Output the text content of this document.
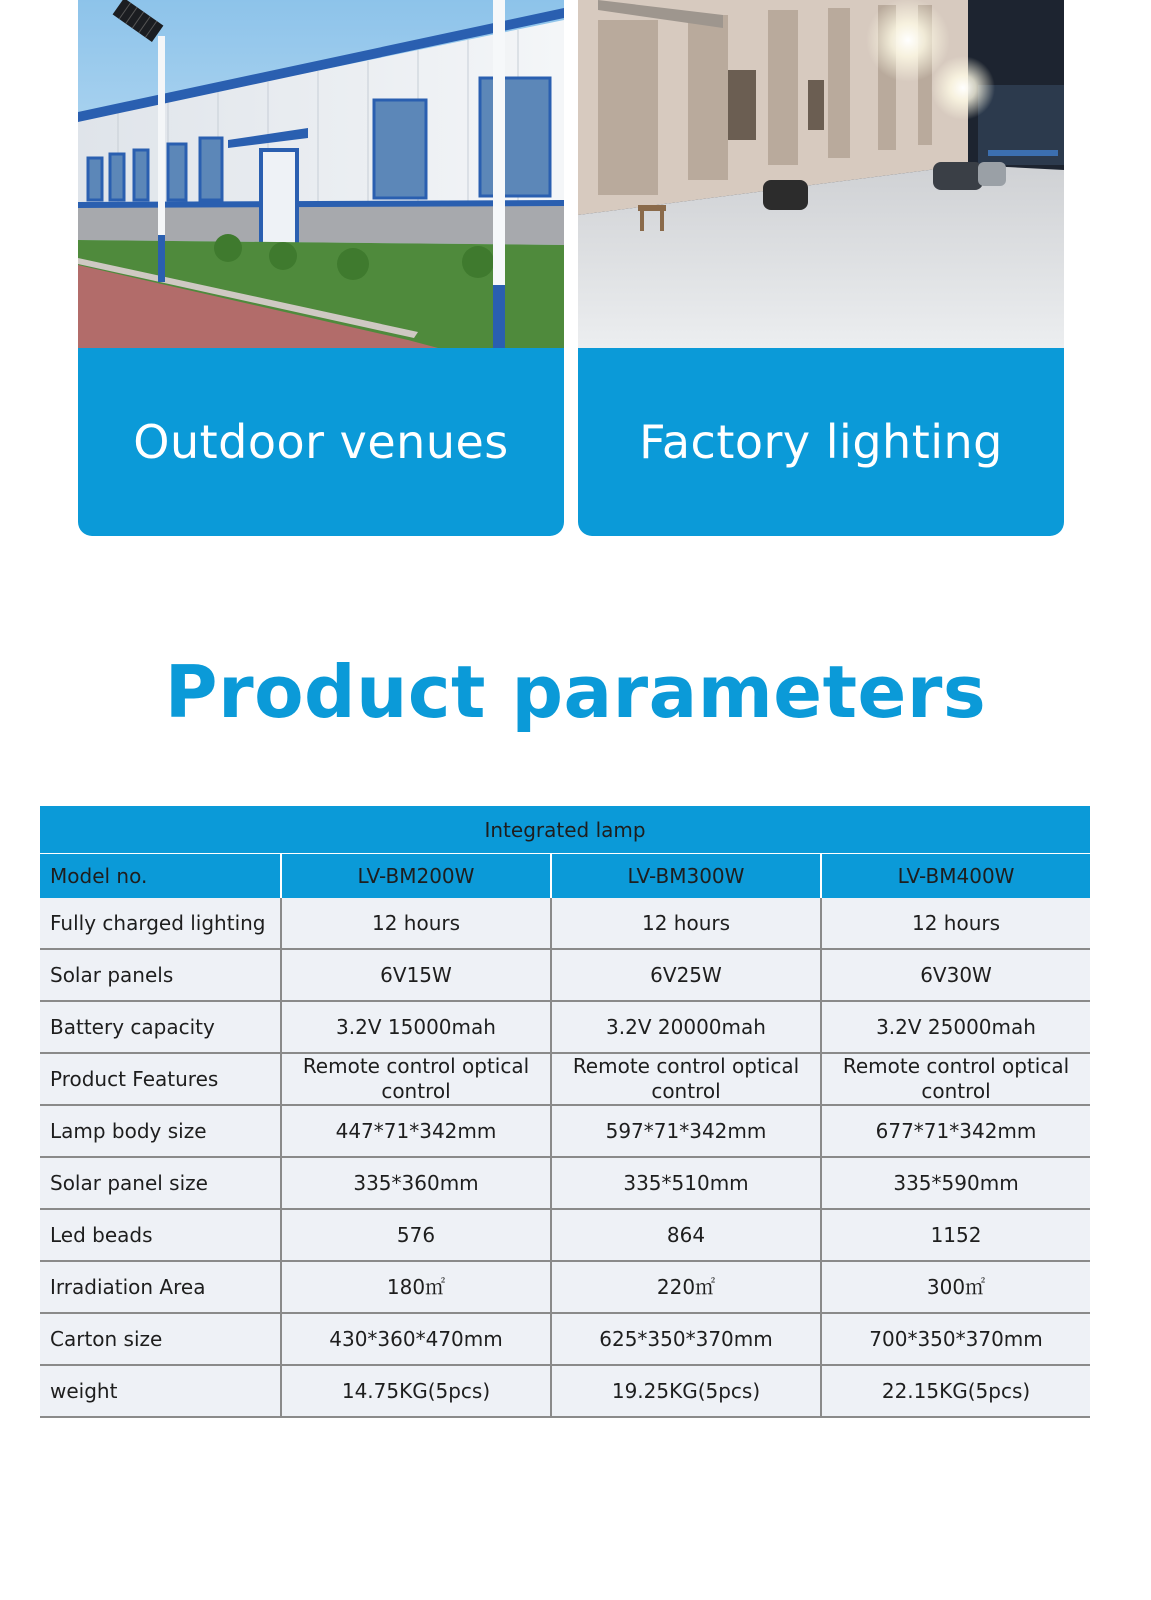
Outdoor venues	Factory lighting
Product parameters
Integrated lamp			
Model no.	LV-BM200W	LV-BM300W	LV-BM400W
Fully charged lighting	12 hours	12 hours	12 hours
Solar panels	6V15W	6V25W	6V30W
Battery capacity	3.2V 15000mah	3.2V 20000mah	3.2V 25000mah
Product Features	Remote control optical control	Remote control optical control	Remote control optical control
Lamp body size	447*71*342mm	597*71*342mm	677*71*342mm
Solar panel size	335*360mm	335*510mm	335*590mm
Led beads	576	864	1152
Irradiation Area	180㎡	220㎡	300㎡
Carton size	430*360*470mm	625*350*370mm	700*350*370mm
weight	14.75KG(5pcs)	19.25KG(5pcs)	22.15KG(5pcs)
